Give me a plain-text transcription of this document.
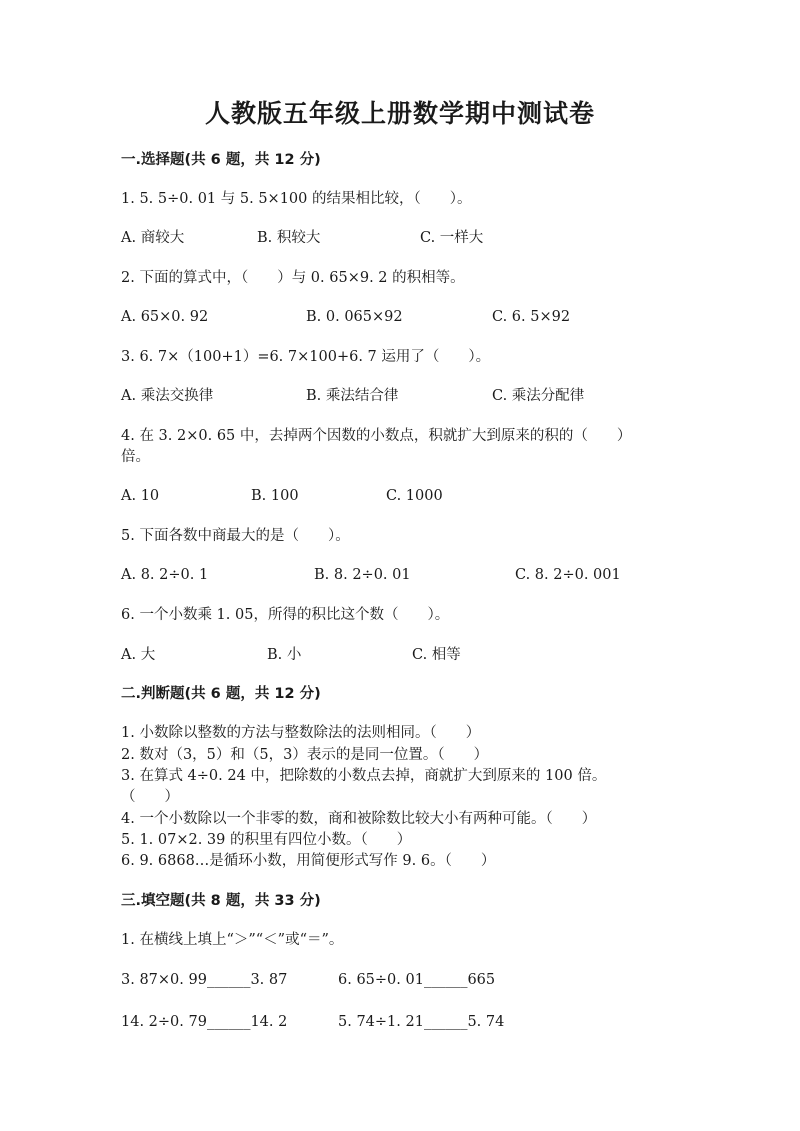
人教版五年级上册数学期中测试卷
一.选择题(共 6 题，共 12 分)
1. 5. 5÷0. 01 与 5. 5×100 的结果相比较，（　　）。
A. 商较大	B. 积较大	C. 一样大
2. 下面的算式中，（　　）与 0. 65×9. 2 的积相等。
A. 65×0. 92	B. 0. 065×92	C. 6. 5×92
3. 6. 7×（100+1）=6. 7×100+6. 7 运用了（　　）。
A. 乘法交换律	B. 乘法结合律	C. 乘法分配律
4. 在 3. 2×0. 65 中，去掉两个因数的小数点，积就扩大到原来的积的（　　）
倍。
A. 10	B. 100	C. 1000
5. 下面各数中商最大的是（　　）。
A. 8. 2÷0. 1	B. 8. 2÷0. 01	C. 8. 2÷0. 001
6. 一个小数乘 1. 05，所得的积比这个数（　　）。
A. 大	B. 小	C. 相等
二.判断题(共 6 题，共 12 分)
1. 小数除以整数的方法与整数除法的法则相同。（　　）
2. 数对（3，5）和（5，3）表示的是同一位置。（　　）
3. 在算式 4÷0. 24 中，把除数的小数点去掉，商就扩大到原来的 100 倍。
（　　）
4. 一个小数除以一个非零的数，商和被除数比较大小有两种可能。（　　）
5. 1. 07×2. 39 的积里有四位小数。（　　）
6. 9. 6868…是循环小数，用简便形式写作 9. 6。（　　）
三.填空题(共 8 题，共 33 分)
1. 在横线上填上“＞”“＜”或“＝”。
3. 87×0. 99______3. 87	6. 65÷0. 01______665
14. 2÷0. 79______14. 2	5. 74÷1. 21______5. 74
